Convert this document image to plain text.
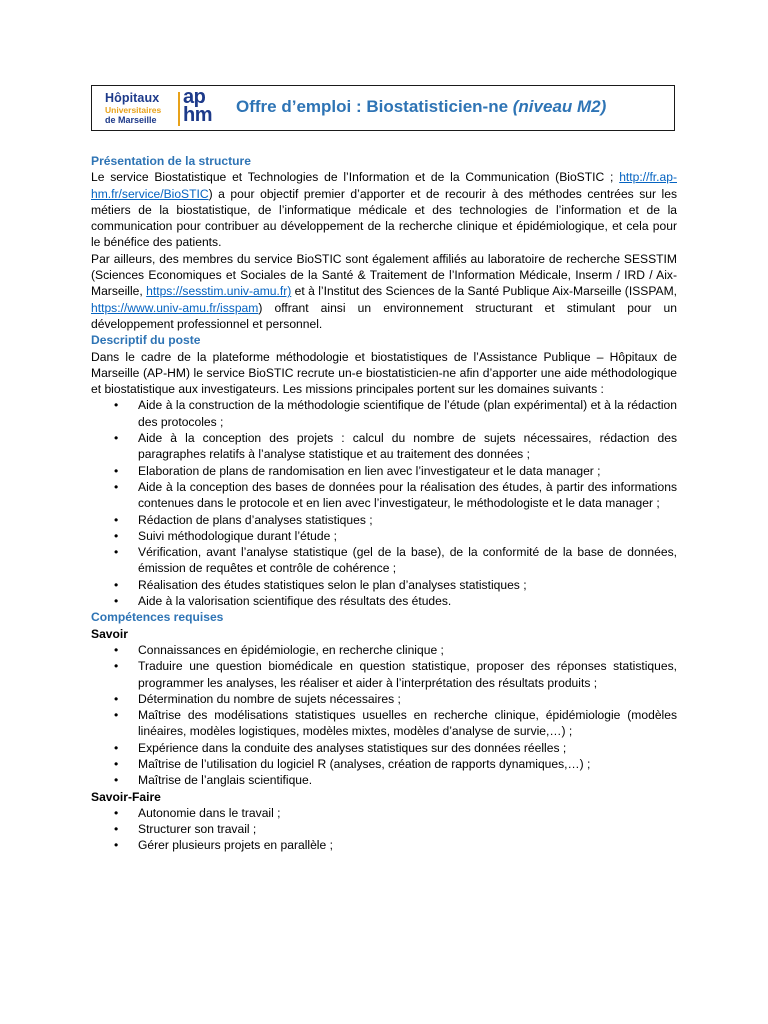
Hôpitaux
Universitaires
de Marseille
ap
hm Offre d’emploi : Biostatisticien-ne (niveau M2)
Présentation de la structure
Le service Biostatistique et Technologies de l’Information et de la Communication (BioSTIC ; http://fr.ap-hm.fr/service/BioSTIC) a pour objectif premier d’apporter et de recourir à des méthodes centrées sur les métiers de la biostatistique, de l’informatique médicale et des technologies de l’information et de la communication pour contribuer au développement de la recherche clinique et épidémiologique, et cela pour le bénéfice des patients.
Par ailleurs, des membres du service BioSTIC sont également affiliés au laboratoire de recherche SESSTIM (Sciences Economiques et Sociales de la Santé & Traitement de l’Information Médicale, Inserm / IRD / Aix-Marseille, https://sesstim.univ-amu.fr) et à l’Institut des Sciences de la Santé Publique Aix-Marseille (ISSPAM, https://www.univ-amu.fr/isspam) offrant ainsi un environnement structurant et stimulant pour un développement professionnel et personnel.
Descriptif du poste
Dans le cadre de la plateforme méthodologie et biostatistiques de l’Assistance Publique – Hôpitaux de Marseille (AP-HM) le service BioSTIC recrute un-e biostatisticien-ne afin d’apporter une aide méthodologique et biostatistique aux investigateurs. Les missions principales portent sur les domaines suivants :
• Aide à la construction de la méthodologie scientifique de l’étude (plan expérimental) et à la rédaction des protocoles ;
• Aide à la conception des projets : calcul du nombre de sujets nécessaires, rédaction des paragraphes relatifs à l’analyse statistique et au traitement des données ;
• Elaboration de plans de randomisation en lien avec l’investigateur et le data manager ;
• Aide à la conception des bases de données pour la réalisation des études, à partir des informations contenues dans le protocole et en lien avec l’investigateur, le méthodologiste et le data manager ;
• Rédaction de plans d’analyses statistiques ;
• Suivi méthodologique durant l’étude ;
• Vérification, avant l’analyse statistique (gel de la base), de la conformité de la base de données, émission de requêtes et contrôle de cohérence ;
• Réalisation des études statistiques selon le plan d’analyses statistiques ;
• Aide à la valorisation scientifique des résultats des études.
Compétences requises
Savoir
• Connaissances en épidémiologie, en recherche clinique ;
• Traduire une question biomédicale en question statistique, proposer des réponses statistiques, programmer les analyses, les réaliser et aider à l’interprétation des résultats produits ;
• Détermination du nombre de sujets nécessaires ;
• Maîtrise des modélisations statistiques usuelles en recherche clinique, épidémiologie (modèles linéaires, modèles logistiques, modèles mixtes, modèles d’analyse de survie,…) ;
• Expérience dans la conduite des analyses statistiques sur des données réelles ;
• Maîtrise de l’utilisation du logiciel R (analyses, création de rapports dynamiques,…) ;
• Maîtrise de l’anglais scientifique.
Savoir-Faire
• Autonomie dans le travail ;
• Structurer son travail ;
• Gérer plusieurs projets en parallèle ;
